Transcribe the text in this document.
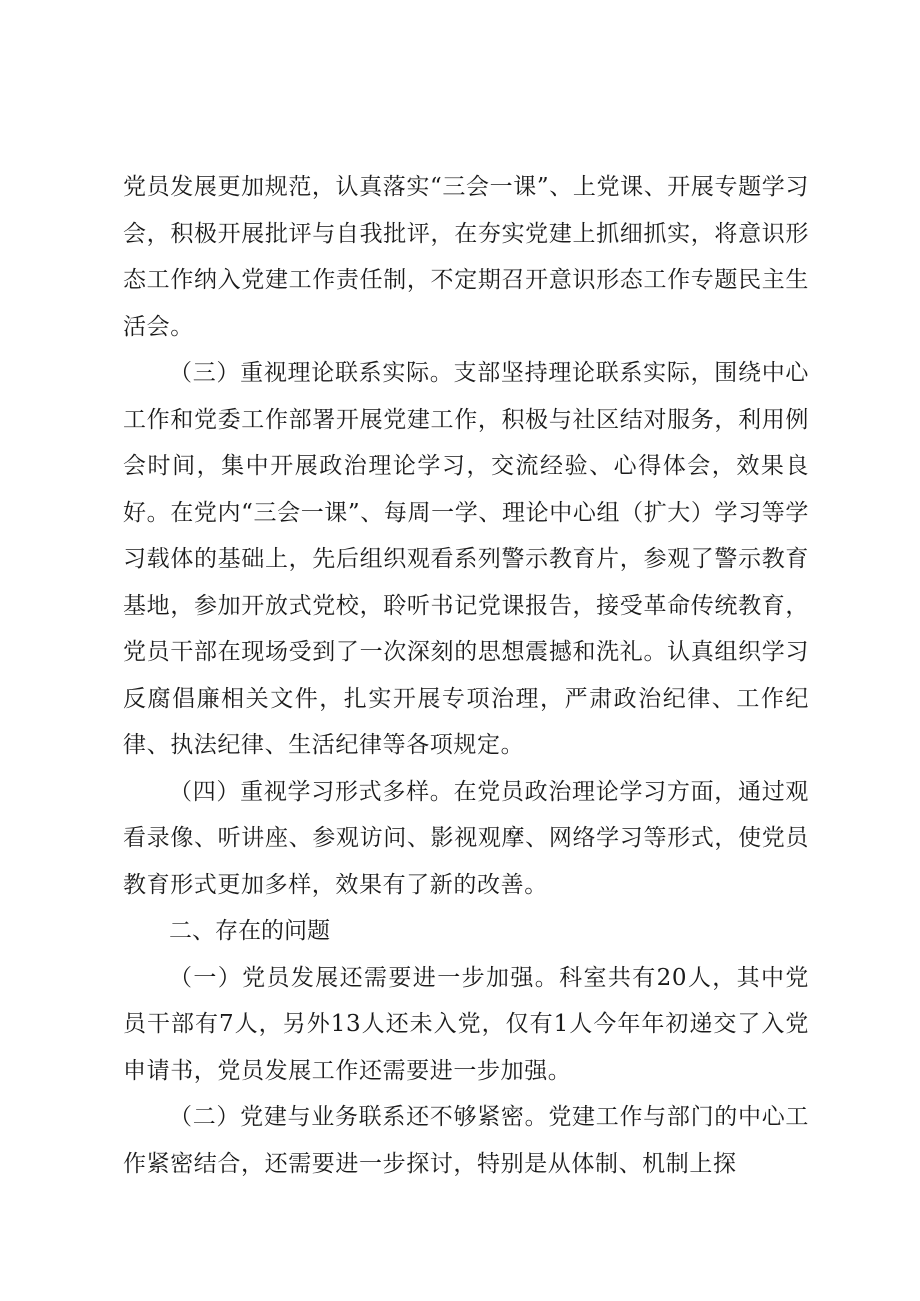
党员发展更加规范，认真落实“三会一课”、上党课、开展专题学习会，积极开展批评与自我批评，在夯实党建上抓细抓实，将意识形态工作纳入党建工作责任制，不定期召开意识形态工作专题民主生活会。

（三）重视理论联系实际。支部坚持理论联系实际，围绕中心工作和党委工作部署开展党建工作，积极与社区结对服务，利用例会时间，集中开展政治理论学习，交流经验、心得体会，效果良好。在党内“三会一课”、每周一学、理论中心组（扩大）学习等学习载体的基础上，先后组织观看系列警示教育片，参观了警示教育基地，参加开放式党校，聆听书记党课报告，接受革命传统教育，党员干部在现场受到了一次深刻的思想震撼和洗礼。认真组织学习反腐倡廉相关文件，扎实开展专项治理，严肃政治纪律、工作纪律、执法纪律、生活纪律等各项规定。

（四）重视学习形式多样。在党员政治理论学习方面，通过观看录像、听讲座、参观访问、影视观摩、网络学习等形式，使党员教育形式更加多样，效果有了新的改善。

二、存在的问题

（一）党员发展还需要进一步加强。科室共有20人，其中党员干部有7人，另外13人还未入党，仅有1人今年年初递交了入党申请书，党员发展工作还需要进一步加强。

（二）党建与业务联系还不够紧密。党建工作与部门的中心工作紧密结合，还需要进一步探讨，特别是从体制、机制上探
